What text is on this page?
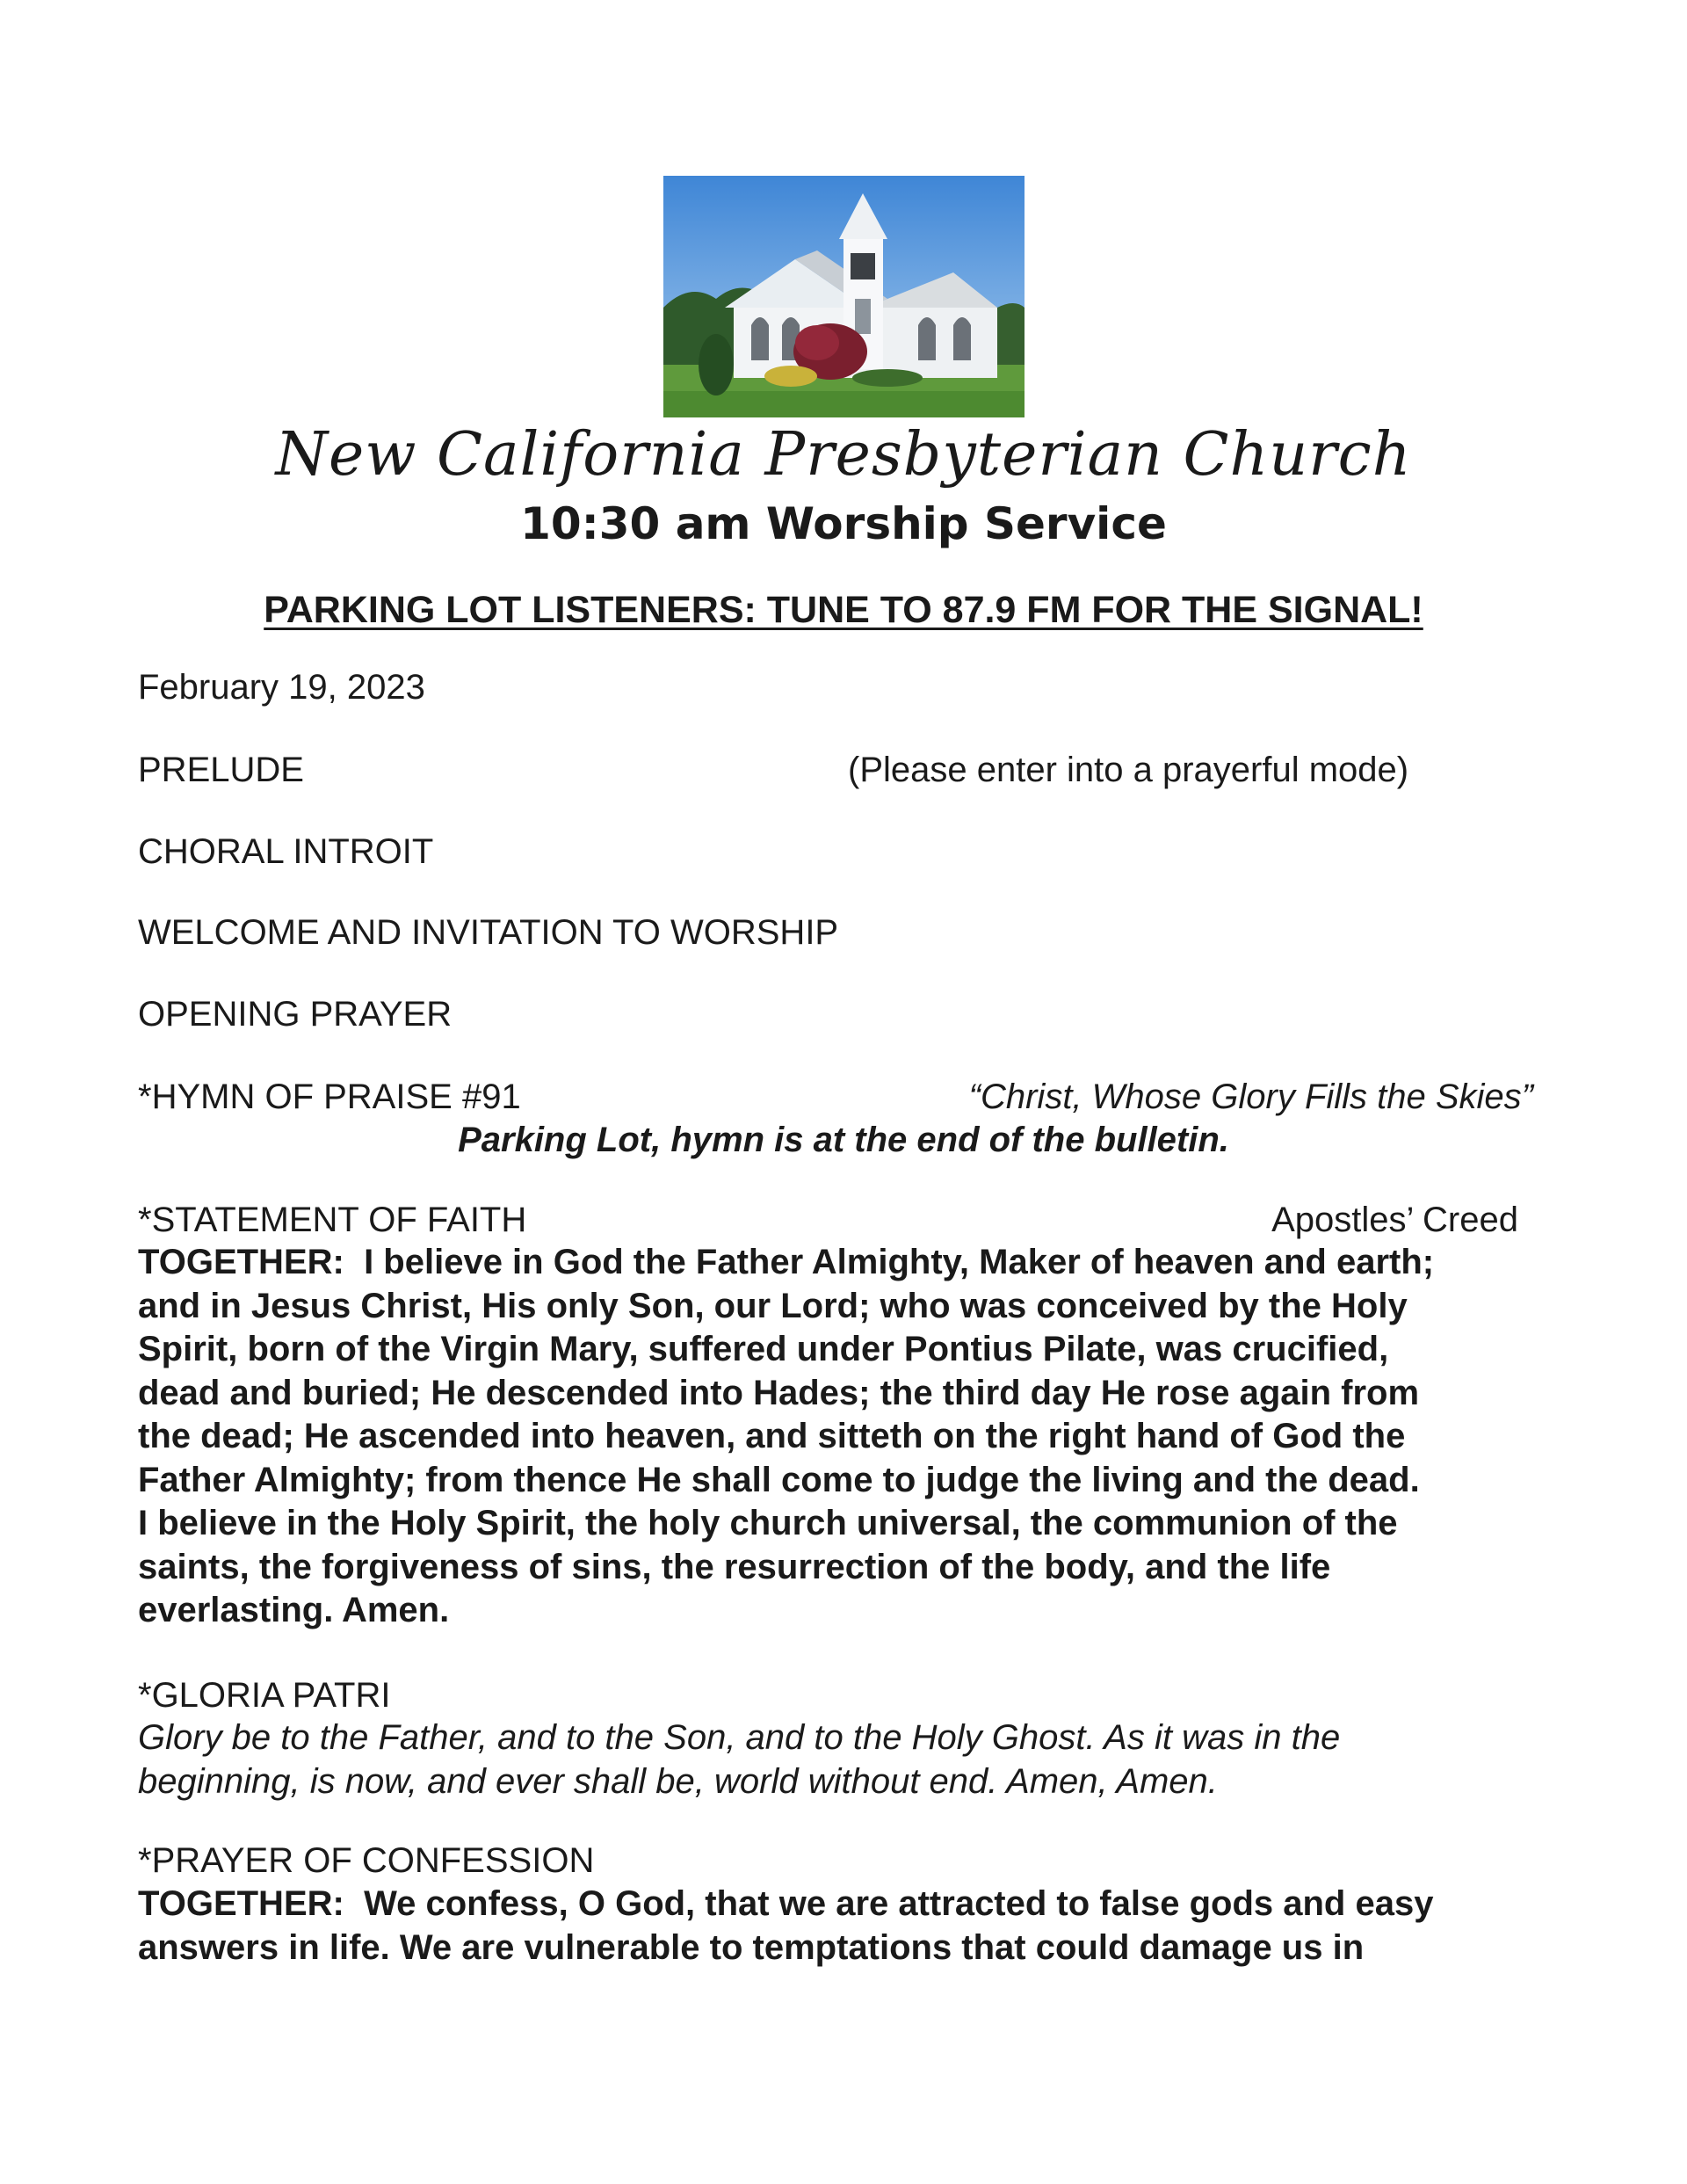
New California Presbyterian Church
10:30 am Worship Service
PARKING LOT LISTENERS: TUNE TO 87.9 FM FOR THE SIGNAL!
February 19, 2023
PRELUDE	(Please enter into a prayerful mode)
CHORAL INTROIT
WELCOME AND INVITATION TO WORSHIP
OPENING PRAYER
*HYMN OF PRAISE #91	“Christ, Whose Glory Fills the Skies”
Parking Lot, hymn is at the end of the bulletin.
*STATEMENT OF FAITH	Apostles’ Creed
TOGETHER: I believe in God the Father Almighty, Maker of heaven and earth;
and in Jesus Christ, His only Son, our Lord; who was conceived by the Holy
Spirit, born of the Virgin Mary, suffered under Pontius Pilate, was crucified,
dead and buried; He descended into Hades; the third day He rose again from
the dead; He ascended into heaven, and sitteth on the right hand of God the
Father Almighty; from thence He shall come to judge the living and the dead.
I believe in the Holy Spirit, the holy church universal, the communion of the
saints, the forgiveness of sins, the resurrection of the body, and the life
everlasting. Amen.
*GLORIA PATRI
Glory be to the Father, and to the Son, and to the Holy Ghost. As it was in the
beginning, is now, and ever shall be, world without end. Amen, Amen.
*PRAYER OF CONFESSION
TOGETHER: We confess, O God, that we are attracted to false gods and easy
answers in life. We are vulnerable to temptations that could damage us in
